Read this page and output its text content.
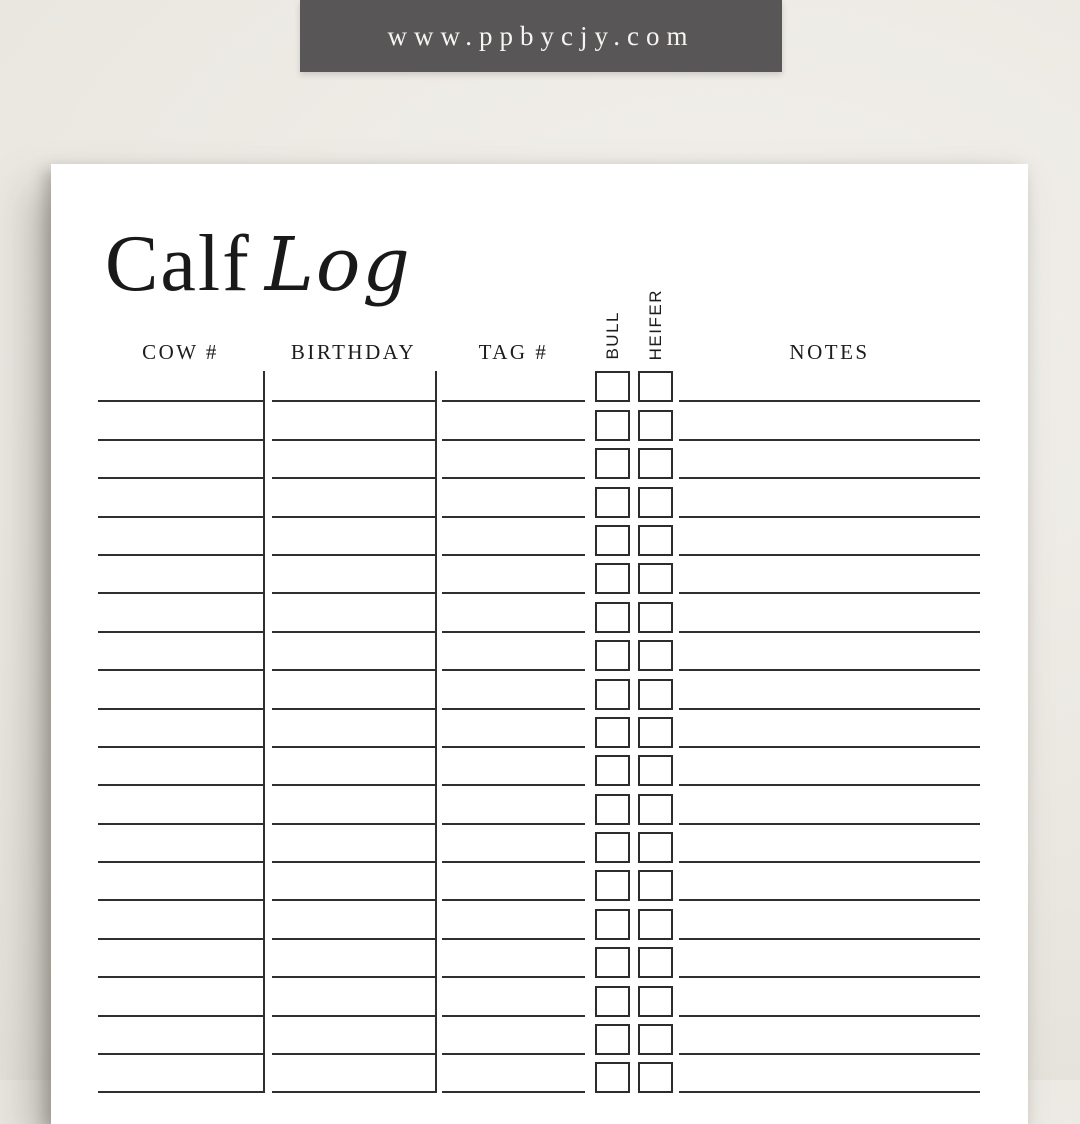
www.ppbycjy.com
Calf Log
COW #	BIRTHDAY	TAG #	BULL HEIFER	NOTES
